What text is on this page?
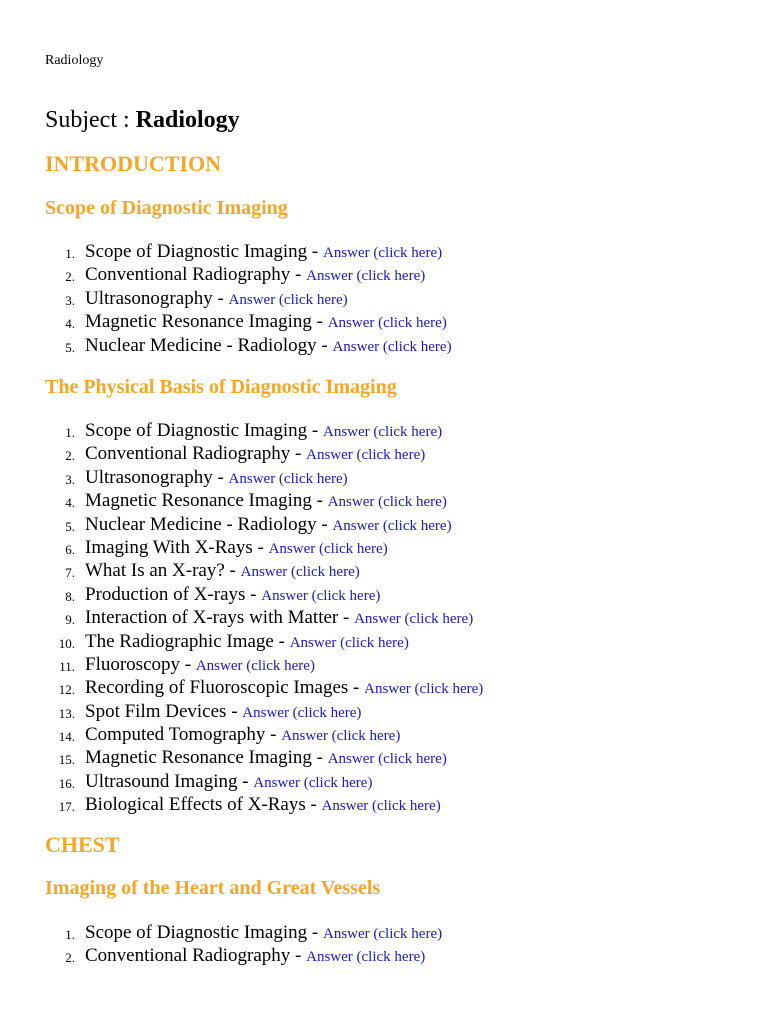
Radiology
Subject : Radiology
INTRODUCTION
Scope of Diagnostic Imaging
1. Scope of Diagnostic Imaging - Answer (click here)
2. Conventional Radiography - Answer (click here)
3. Ultrasonography - Answer (click here)
4. Magnetic Resonance Imaging - Answer (click here)
5. Nuclear Medicine - Radiology - Answer (click here)
The Physical Basis of Diagnostic Imaging
1. Scope of Diagnostic Imaging - Answer (click here)
2. Conventional Radiography - Answer (click here)
3. Ultrasonography - Answer (click here)
4. Magnetic Resonance Imaging - Answer (click here)
5. Nuclear Medicine - Radiology - Answer (click here)
6. Imaging With X-Rays - Answer (click here)
7. What Is an X-ray? - Answer (click here)
8. Production of X-rays - Answer (click here)
9. Interaction of X-rays with Matter - Answer (click here)
10. The Radiographic Image - Answer (click here)
11. Fluoroscopy - Answer (click here)
12. Recording of Fluoroscopic Images - Answer (click here)
13. Spot Film Devices - Answer (click here)
14. Computed Tomography - Answer (click here)
15. Magnetic Resonance Imaging - Answer (click here)
16. Ultrasound Imaging - Answer (click here)
17. Biological Effects of X-Rays - Answer (click here)
CHEST
Imaging of the Heart and Great Vessels
1. Scope of Diagnostic Imaging - Answer (click here)
2. Conventional Radiography - Answer (click here)
